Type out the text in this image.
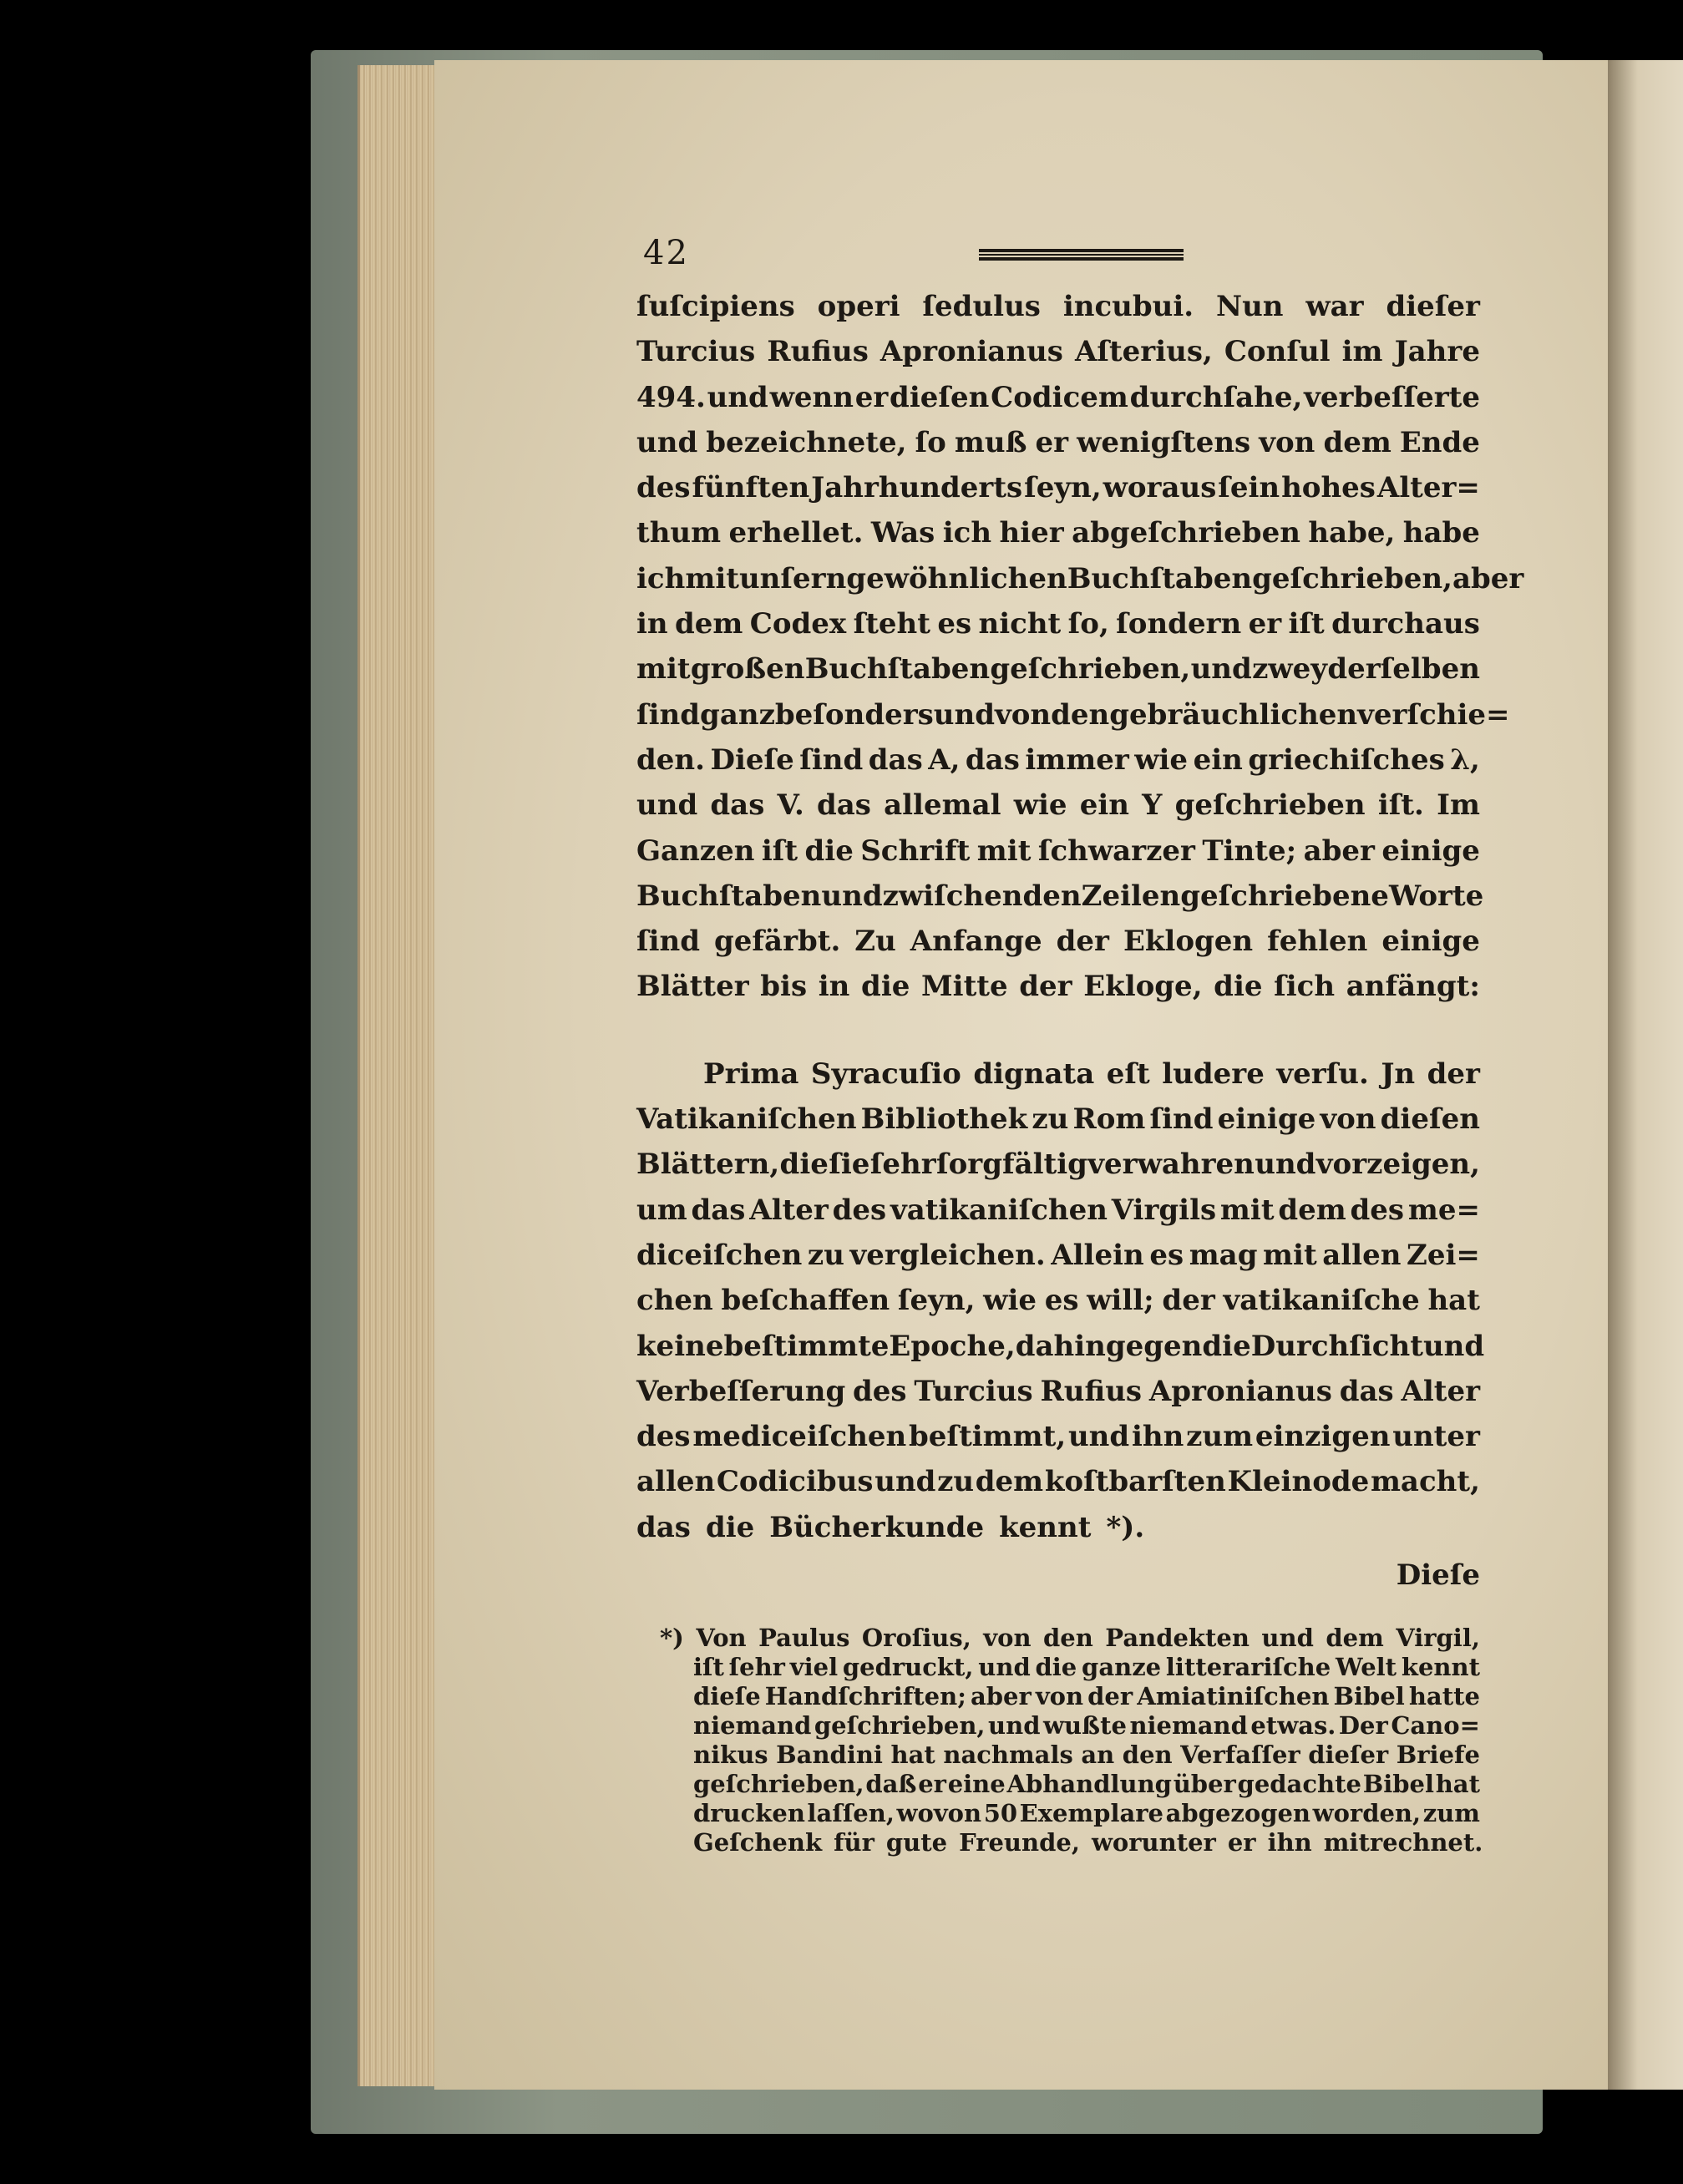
42
ſuſcipiens operi ſedulus incubui. Nun war dieſer
Turcius Rufius Apronianus Aſterius, Conſul im Jahre
494. und wenn er dieſen Codicem durchſahe, verbeſſerte
und bezeichnete, ſo muß er wenigſtens von dem Ende
des fünften Jahrhunderts ſeyn, woraus ſein hohes Alter=
thum erhellet. Was ich hier abgeſchrieben habe, habe
ich mit unſern gewöhnlichen Buchſtaben geſchrieben, aber
in dem Codex ſteht es nicht ſo, ſondern er iſt durchaus
mit großen Buchſtaben geſchrieben, und zwey derſelben
ſind ganz beſonders und von den gebräuchlichen verſchie=
den. Dieſe ſind das A, das immer wie ein griechiſches λ,
und das V. das allemal wie ein Y geſchrieben iſt. Im
Ganzen iſt die Schrift mit ſchwarzer Tinte; aber einige
Buchſtaben und zwiſchen den Zeilen geſchriebene Worte
ſind gefärbt. Zu Anfange der Eklogen fehlen einige
Blätter bis in die Mitte der Ekloge, die ſich anfängt:
Prima Syracuſio dignata eſt ludere verſu. Jn der
Vatikaniſchen Bibliothek zu Rom ſind einige von dieſen
Blättern, die ſie ſehr ſorgfältig verwahren und vorzeigen,
um das Alter des vatikaniſchen Virgils mit dem des me=
diceiſchen zu vergleichen. Allein es mag mit allen Zei=
chen beſchaffen ſeyn, wie es will; der vatikaniſche hat
keine beſtimmte Epoche, dahingegen die Durchſicht und
Verbeſſerung des Turcius Rufius Apronianus das Alter
des mediceiſchen beſtimmt, und ihn zum einzigen unter
allen Codicibus und zu dem koſtbarſten Kleinode macht,
das die Bücherkunde kennt *).
Dieſe
*) Von Paulus Oroſius, von den Pandekten und dem Virgil,
iſt ſehr viel gedruckt, und die ganze litterariſche Welt kennt
dieſe Handſchriften; aber von der Amiatiniſchen Bibel hatte
niemand geſchrieben, und wußte niemand etwas. Der Cano=
nikus Bandini hat nachmals an den Verfaſſer dieſer Briefe
geſchrieben, daß er eine Abhandlung über gedachte Bibel hat
drucken laſſen, wovon 50 Exemplare abgezogen worden, zum
Geſchenk für gute Freunde, worunter er ihn mitrechnet.
